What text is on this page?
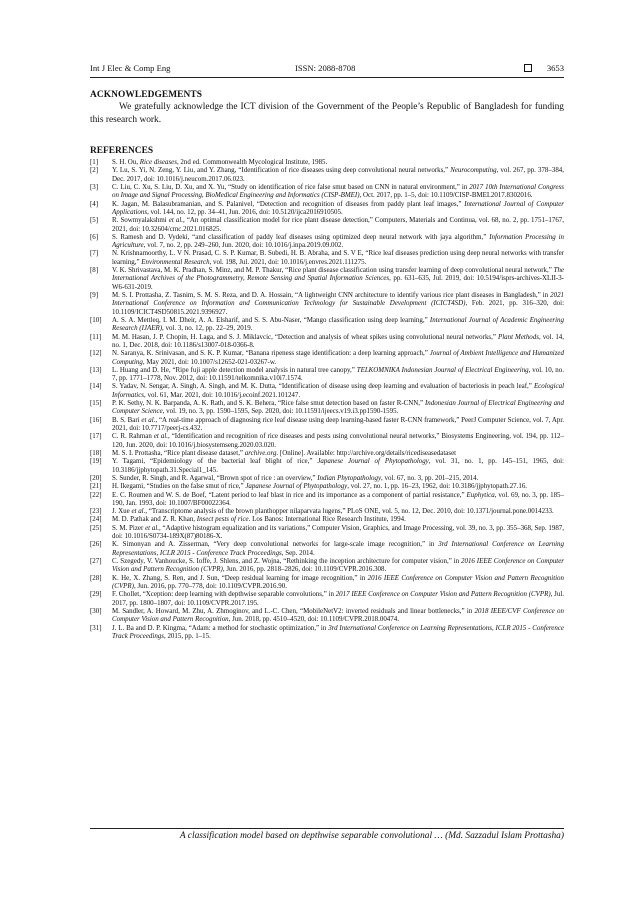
Int J Elec & Comp Eng	ISSN: 2088-8708	3653
ACKNOWLEDGEMENTS
We gratefully acknowledge the ICT division of the Government of the People’s Republic of Bangladesh for funding this research work.
REFERENCES
[1] S. H. Ou, Rice diseases, 2nd ed. Commonwealth Mycological Institute, 1985.
[2] Y. Lu, S. Yi, N. Zeng, Y. Liu, and Y. Zhang, “Identification of rice diseases using deep convolutional neural networks,” Neurocomputing, vol. 267, pp. 378–384, Dec. 2017, doi: 10.1016/j.neucom.2017.06.023.
[3] C. Liu, C. Xu, S. Liu, D. Xu, and X. Yu, “Study on identification of rice false smut based on CNN in natural environment,” in 2017 10th International Congress on Image and Signal Processing, BioMedical Engineering and Informatics (CISP-BMEI), Oct. 2017, pp. 1–5, doi: 10.1109/CISP-BMEI.2017.8302016.
[4] K. Jagan, M. Balasubramanian, and S. Palanivel, “Detection and recognition of diseases from paddy plant leaf images,” International Journal of Computer Applications, vol. 144, no. 12, pp. 34–41, Jun. 2016, doi: 10.5120/ijca2016910505.
[5] R. Sowmyalakshmi et al., “An optimal classification model for rice plant disease detection,” Computers, Materials and Continua, vol. 68, no. 2, pp. 1751–1767, 2021, doi: 10.32604/cmc.2021.016825.
[6] S. Ramesh and D. Vydeki, “and classification of paddy leaf diseases using optimized deep neural network with jaya algorithm,” Information Processing in Agriculture, vol. 7, no. 2, pp. 249–260, Jun. 2020, doi: 10.1016/j.inpa.2019.09.002.
[7] N. Krishnamoorthy, L. V N. Prasad, C. S. P. Kumar, B. Subedi, H. B. Abraha, and S. V E, “Rice leaf diseases prediction using deep neural networks with transfer learning,” Environmental Research, vol. 198, Jul. 2021, doi: 10.1016/j.envres.2021.111275.
[8] V. K. Shrivastava, M. K. Pradhan, S. Minz, and M. P. Thakur, “Rice plant disease classification using transfer learning of deep convolutional neural network,” The International Archives of the Photogrammetry, Remote Sensing and Spatial Information Sciences, pp. 631–635, Jul. 2019, doi: 10.5194/isprs-archives-XLII-3-W6-631-2019.
[9] M. S. I. Prottasha, Z. Tasnim, S. M. S. Reza, and D. A. Hossain, “A lightweight CNN architecture to identify various rice plant diseases in Bangladesh,” in 2021 International Conference on Information and Communication Technology for Sustainable Development (ICICT4SD), Feb. 2021, pp. 316–320, doi: 10.1109/ICICT4SD50815.2021.9396927.
[10] A. S. A. Mettleq, I. M. Dheir, A. A. Elsharif, and S. S. Abu-Naser, “Mango classification using deep learning,” International Journal of Academic Engineering Research (IJAER), vol. 3, no. 12, pp. 22–29, 2019.
[11] M. M. Hasan, J. P. Chopin, H. Laga, and S. J. Miklavcic, “Detection and analysis of wheat spikes using convolutional neural networks,” Plant Methods, vol. 14, no. 1, Dec. 2018, doi: 10.1186/s13007-018-0366-8.
[12] N. Saranya, K. Srinivasan, and S. K. P. Kumar, “Banana ripeness stage identification: a deep learning approach,” Journal of Ambient Intelligence and Humanized Computing, May 2021, doi: 10.1007/s12652-021-03267-w.
[13] L. Huang and D. He, “Ripe fuji apple detection model analysis in natural tree canopy,” TELKOMNIKA Indonesian Journal of Electrical Engineering, vol. 10, no. 7, pp. 1771–1778, Nov. 2012, doi: 10.11591/telkomnika.v10i7.1574.
[14] S. Yadav, N. Sengar, A. Singh, A. Singh, and M. K. Dutta, “Identification of disease using deep learning and evaluation of bacteriosis in peach leaf,” Ecological Informatics, vol. 61, Mar. 2021, doi: 10.1016/j.ecoinf.2021.101247.
[15] P. K. Sethy, N. K. Barpanda, A. K. Rath, and S. K. Behera, “Rice false smut detection based on faster R-CNN,” Indonesian Journal of Electrical Engineering and Computer Science, vol. 19, no. 3, pp. 1590–1595, Sep. 2020, doi: 10.11591/ijeecs.v19.i3.pp1590-1595.
[16] B. S. Bari et al., “A real-time approach of diagnosing rice leaf disease using deep learning-based faster R-CNN framework,” PeerJ Computer Science, vol. 7, Apr. 2021, doi: 10.7717/peerj-cs.432.
[17] C. R. Rahman et al., “Identification and recognition of rice diseases and pests using convolutional neural networks,” Biosystems Engineering, vol. 194, pp. 112–120, Jun. 2020, doi: 10.1016/j.biosystemseng.2020.03.020.
[18] M. S. I. Prottasha, “Rice plant disease dataset,” archive.org. [Online]. Available: http://archive.org/details/ricediseasedataset
[19] Y. Tagami, “Epidemiology of the bacterial leaf blight of rice,” Japanese Journal of Phytopathology, vol. 31, no. 1, pp. 145–151, 1965, doi: 10.3186/jjphytopath.31.Special1_145.
[20] S. Sunder, R. Singh, and R. Agarwal, “Brown spot of rice : an overview,” Indian Phytopathology, vol. 67, no. 3, pp. 201–215, 2014.
[21] H. Ikegami, “Studies on the false smut of rice,” Japanese Journal of Phytopathology, vol. 27, no. 1, pp. 16–23, 1962, doi: 10.3186/jjphytopath.27.16.
[22] E. C. Roumen and W. S. de Boef, “Latent period to leaf blast in rice and its importance as a component of partial resistance,” Euphytica, vol. 69, no. 3, pp. 185–190, Jan. 1993, doi: 10.1007/BF00022364.
[23] J. Xue et al., “Transcriptome analysis of the brown planthopper nilaparvata lugens,” PLoS ONE, vol. 5, no. 12, Dec. 2010, doi: 10.1371/journal.pone.0014233.
[24] M. D. Pathak and Z. R. Khan, Insect pests of rice. Los Banos: International Rice Research Institute, 1994.
[25] S. M. Pizer et al., “Adaptive histogram equalization and its variations,” Computer Vision, Graphics, and Image Processing, vol. 39, no. 3, pp. 355–368, Sep. 1987, doi: 10.1016/S0734-189X(87)80186-X.
[26] K. Simonyan and A. Zisserman, “Very deep convolutional networks for large-scale image recognition,” in 3rd International Conference on Learning Representations, ICLR 2015 - Conference Track Proceedings, Sep. 2014.
[27] C. Szegedy, V. Vanhoucke, S. Ioffe, J. Shlens, and Z. Wojna, “Rethinking the inception architecture for computer vision,” in 2016 IEEE Conference on Computer Vision and Pattern Recognition (CVPR), Jun. 2016, pp. 2818–2826, doi: 10.1109/CVPR.2016.308.
[28] K. He, X. Zhang, S. Ren, and J. Sun, “Deep residual learning for image recognition,” in 2016 IEEE Conference on Computer Vision and Pattern Recognition (CVPR), Jun. 2016, pp. 770–778, doi: 10.1109/CVPR.2016.90.
[29] F. Chollet, “Xception: deep learning with depthwise separable convolutions,” in 2017 IEEE Conference on Computer Vision and Pattern Recognition (CVPR), Jul. 2017, pp. 1800–1807, doi: 10.1109/CVPR.2017.195.
[30] M. Sandler, A. Howard, M. Zhu, A. Zhmoginov, and L.-C. Chen, “MobileNetV2: inverted residuals and linear bottlenecks,” in 2018 IEEE/CVF Conference on Computer Vision and Pattern Recognition, Jun. 2018, pp. 4510–4520, doi: 10.1109/CVPR.2018.00474.
[31] J. L. Ba and D. P. Kingma, “Adam: a method for stochastic optimization,” in 3rd International Conference on Learning Representations, ICLR 2015 - Conference Track Proceedings, 2015, pp. 1–15.
A classification model based on depthwise separable convolutional … (Md. Sazzadul Islam Prottasha)
